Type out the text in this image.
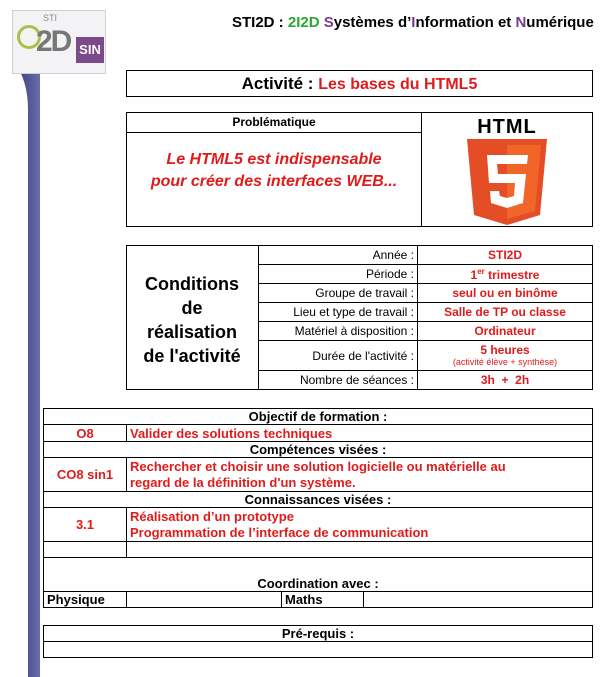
STI
2D SIN
STI2D : 2I2D Systèmes d’Information et Numérique
Activité : Les bases du HTML5
Problématique
Le HTML5 est indispensable
pour créer des interfaces WEB...
HTML
Conditions
de
réalisation
de l'activité
Année :	STI2D
Période :	1er trimestre
Groupe de travail :	seul ou en binôme
Lieu et type de travail :	Salle de TP ou classe
Matériel à disposition :	Ordinateur
Durée de l'activité :	5 heures
(activité élève + synthèse)

Nombre de séances :	3h  +  2h
Objectif de formation :			
O8	Valider des solutions techniques		
Compétences visées :			
CO8 sin1	Rechercher et choisir une solution logicielle ou matérielle au
regard de la définition d'un système.		

Connaissances visées :			
3.1	Réalisation d’un prototype
Programmation de l’interface de communication		

Coordination avec :			
Physique		Maths	

Pré-requis :			
